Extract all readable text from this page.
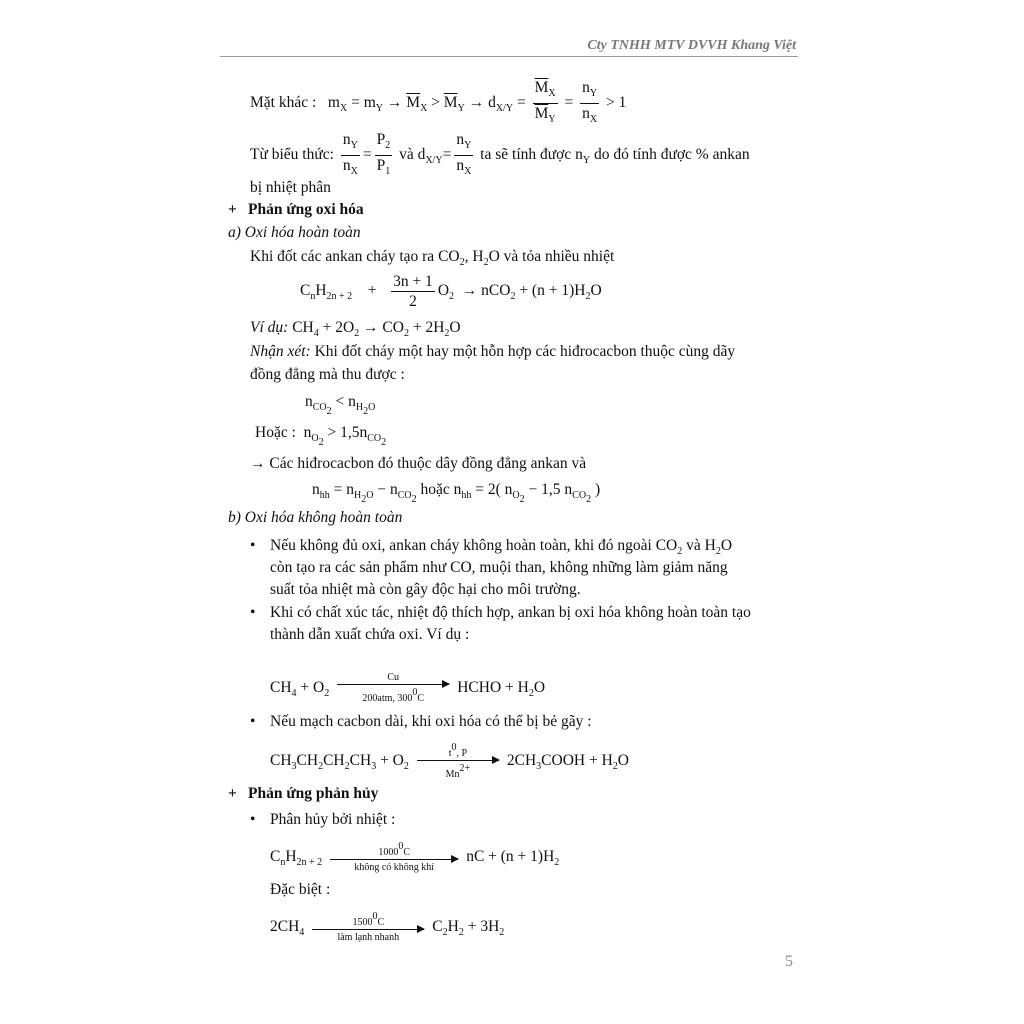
Cty TNHH MTV DVVH Khang Việt
Mặt khác : $m_X = m_Y \to \overline{M}_X > \overline{M}_Y \to d_{X/Y} = \frac{\overline{M}_X}{\overline{M}_Y} = \frac{n_Y}{n_X} > 1$
Từ biểu thức: $\frac{n_Y}{n_X} = \frac{P_2}{P_1}$ và $d_{X/Y}= \frac{n_Y}{n_X}$ ta sẽ tính được $n_Y$ do đó tính được % ankan
bị nhiệt phân
+ Phản ứng oxi hóa
a) Oxi hóa hoàn toàn
Khi đốt các ankan cháy tạo ra $CO_2$, $H_2O$ và tỏa nhiều nhiệt
$C_nH_{2n + 2} + \frac{3n + 1}{2} O_2 \to nCO_2 + (n + 1)H_2O$
Ví dụ: $CH_4 + 2O_2 \to CO_2 + 2H_2O$
Nhận xét: Khi đốt cháy một hay một hỗn hợp các hiđrocacbon thuộc cùng dãy
đồng đẳng mà thu được :
$n_{CO_2} < n_{H_2O}$
Hoặc : $n_{O_2} > 1,5n_{CO_2}$
→ Các hiđrocacbon đó thuộc dây đồng đẳng ankan và
$n_{hh} = n_{H_2O} - n_{CO_2}$ hoặc $n_{hh} = 2$( $n_{O_2} - 1,5$ $n_{CO_2}$ )
b) Oxi hóa không hoàn toàn
• Nếu không đủ oxi, ankan cháy không hoàn toàn, khi đó ngoài $CO_2$ và $H_2O$
còn tạo ra các sản phẩm như CO, muội than, không những làm giảm năng
suất tỏa nhiệt mà còn gây độc hại cho môi trường.
• Khi có chất xúc tác, nhiệt độ thích hợp, ankan bị oxi hóa không hoàn toàn tạo
thành dẫn xuất chứa oxi. Ví dụ :
$CH_4 + O_2$
Cu
200atm, $300^0C$
HCHO + $H_2O$
• Nếu mạch cacbon dài, khi oxi hóa có thể bị bẻ gãy :
$CH_3CH_2CH_2CH_3 + O_2 \frac{t^0, P}{Mn^{2+}}$ $2CH_3COOH + H_2O$
+ Phản ứng phản hủy
• Phân hủy bởi nhiệt :
$C_nH_{2n + 2}$
1000$^0$C
không có không khí
nC + $(n + 1)H_2$
Đặc biệt :
$2CH_4$
1500$^0$C
làm lạnh nhanh
$C_2H_2 + 3H_2$
5
